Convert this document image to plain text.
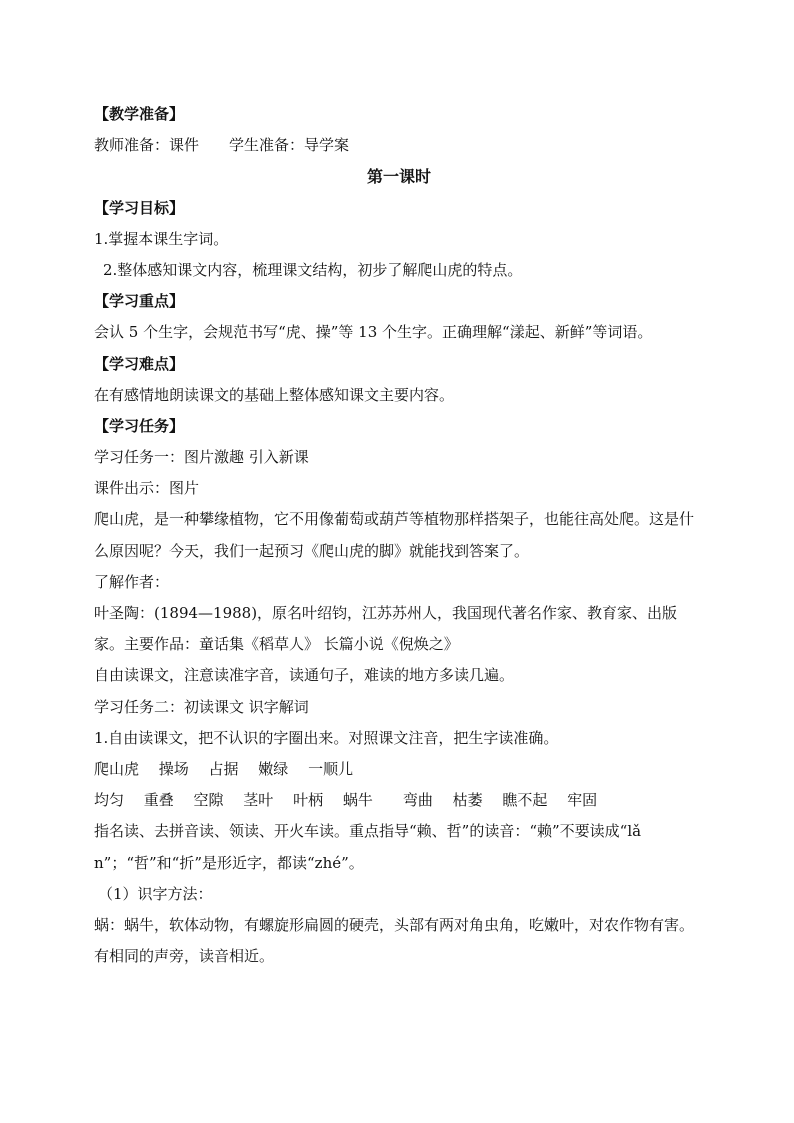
【教学准备】
教师准备：课件　　学生准备：导学案
第一课时
【学习目标】
1.掌握本课生字词。
2.整体感知课文内容，梳理课文结构，初步了解爬山虎的特点。
【学习重点】
会认 5 个生字，会规范书写“虎、操”等 13 个生字。正确理解“漾起、新鲜”等词语。
【学习难点】
在有感情地朗读课文的基础上整体感知课文主要内容。
【学习任务】
学习任务一：图片激趣 引入新课
课件出示：图片
爬山虎，是一种攀缘植物，它不用像葡萄或葫芦等植物那样搭架子，也能往高处爬。这是什么原因呢？今天，我们一起预习《爬山虎的脚》就能找到答案了。
了解作者：
叶圣陶：(1894—1988)，原名叶绍钧，江苏苏州人，我国现代著名作家、教育家、出版家。主要作品：童话集《稻草人》 长篇小说《倪焕之》
自由读课文，注意读准字音，读通句子，难读的地方多读几遍。
学习任务二：初读课文 识字解词
1.自由读课文，把不认识的字圈出来。对照课文注音，把生字读准确。
爬山虎　 操场　 占据　 嫩绿　 一顺儿
均匀　 重叠　 空隙　 茎叶　 叶柄　 蜗牛　　弯曲　 枯萎　 瞧不起　 牢固
指名读、去拼音读、领读、开火车读。重点指导“赖、哲”的读音：“赖”不要读成“lǎn”；“哲”和“折”是形近字，都读“zhé”。
（1）识字方法：
蜗：蜗牛，软体动物，有螺旋形扁圆的硬壳，头部有两对角虫角，吃嫩叶，对农作物有害。
有相同的声旁，读音相近。
